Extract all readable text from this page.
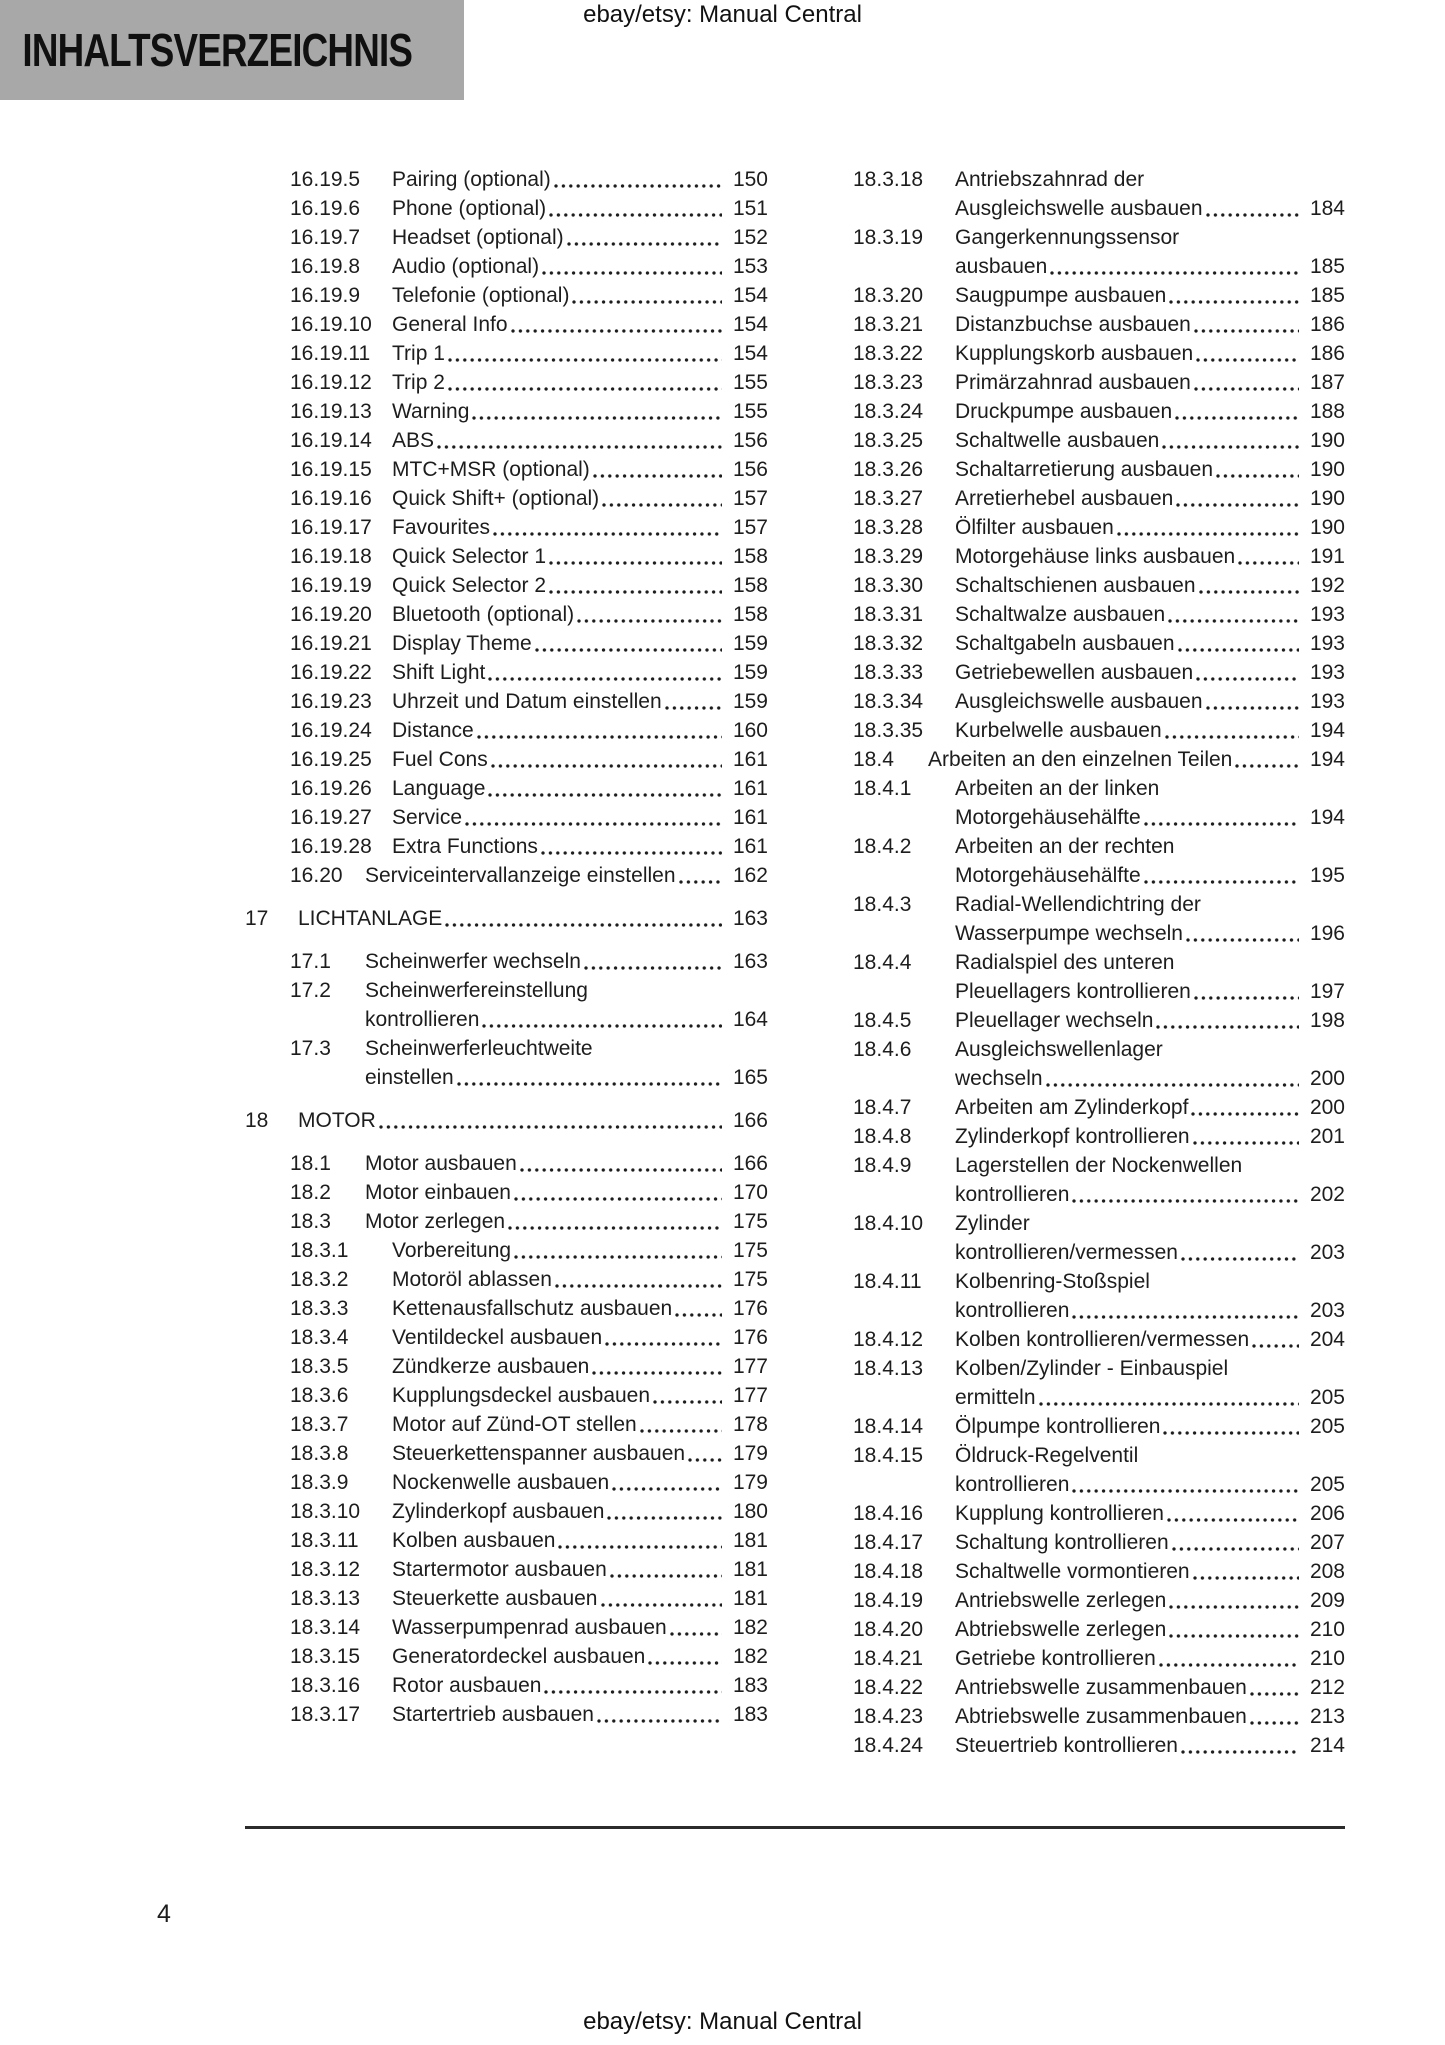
INHALTSVERZEICHNIS
ebay/etsy: Manual Central
16.19.5	Pairing (optional)	150
16.19.6	Phone (optional)	151
16.19.7	Headset (optional)	152
16.19.8	Audio (optional)	153
16.19.9	Telefonie (optional)	154
16.19.10 General Info	154
16.19.11	Trip 1	154
16.19.12 Trip 2	155
16.19.13 Warning	155
16.19.14 ABS	156
16.19.15 MTC+MSR (optional)	156
16.19.16 Quick Shift+ (optional)	157
16.19.17 Favourites	157
16.19.18 Quick Selector 1	158
16.19.19 Quick Selector 2	158
16.19.20 Bluetooth (optional)	158
16.19.21 Display Theme	159
16.19.22 Shift Light	159
16.19.23 Uhrzeit und Datum einstellen	159
16.19.24 Distance	160
16.19.25 Fuel Cons	161
16.19.26 Language	161
16.19.27 Service	161
16.19.28 Extra Functions	161
16.20	Serviceintervallanzeige einstellen	162
17	LICHTANLAGE	163
17.1	Scheinwerfer wechseln	163
17.2	Scheinwerfereinstellung
kontrollieren	164
17.3	Scheinwerferleuchtweite
einstellen	165
18	MOTOR	166
18.1	Motor ausbauen	166
18.2	Motor einbauen	170
18.3	Motor zerlegen	175
18.3.1	Vorbereitung	175
18.3.2	Motoröl ablassen	175
18.3.3	Kettenausfallschutz ausbauen	176
18.3.4	Ventildeckel ausbauen	176
18.3.5	Zündkerze ausbauen	177
18.3.6	Kupplungsdeckel ausbauen	177
18.3.7	Motor auf Zünd-OT stellen	178
18.3.8	Steuerkettenspanner ausbauen 179
18.3.9	Nockenwelle ausbauen	179
18.3.10	Zylinderkopf ausbauen	180
18.3.11	Kolben ausbauen	181
18.3.12	Startermotor ausbauen	181
18.3.13	Steuerkette ausbauen	181
18.3.14	Wasserpumpenrad ausbauen	182
18.3.15	Generatordeckel ausbauen	182
18.3.16	Rotor ausbauen	183
18.3.17	Startertrieb ausbauen	183
18.3.18	Antriebszahnrad der
Ausgleichswelle ausbauen	184
18.3.19	Gangerkennungssensor
ausbauen	185
18.3.20	Saugpumpe ausbauen	185
18.3.21	Distanzbuchse ausbauen	186
18.3.22	Kupplungskorb ausbauen	186
18.3.23	Primärzahnrad ausbauen	187
18.3.24	Druckpumpe ausbauen	188
18.3.25	Schaltwelle ausbauen	190
18.3.26	Schaltarretierung ausbauen	190
18.3.27	Arretierhebel ausbauen	190
18.3.28	Ölfilter ausbauen	190
18.3.29	Motorgehäuse links ausbauen	191
18.3.30	Schaltschienen ausbauen	192
18.3.31	Schaltwalze ausbauen	193
18.3.32	Schaltgabeln ausbauen	193
18.3.33	Getriebewellen ausbauen	193
18.3.34	Ausgleichswelle ausbauen	193
18.3.35	Kurbelwelle ausbauen	194
18.4	Arbeiten an den einzelnen Teilen	194
18.4.1	Arbeiten an der linken
Motorgehäusehälfte	194
18.4.2	Arbeiten an der rechten
Motorgehäusehälfte	195
18.4.3	Radial-Wellendichtring der
Wasserpumpe wechseln	196
18.4.4	Radialspiel des unteren
Pleuellagers kontrollieren	197
18.4.5	Pleuellager wechseln	198
18.4.6	Ausgleichswellenlager
wechseln	200
18.4.7	Arbeiten am Zylinderkopf	200
18.4.8	Zylinderkopf kontrollieren	201
18.4.9	Lagerstellen der Nockenwellen
kontrollieren	202
18.4.10	Zylinder
kontrollieren/vermessen	203
18.4.11	Kolbenring-Stoßspiel
kontrollieren	203
18.4.12	Kolben kontrollieren/vermessen	204
18.4.13	Kolben/Zylinder - Einbauspiel
ermitteln	205
18.4.14	Ölpumpe kontrollieren	205
18.4.15	Öldruck-Regelventil
kontrollieren	205
18.4.16	Kupplung kontrollieren	206
18.4.17	Schaltung kontrollieren	207
18.4.18	Schaltwelle vormontieren	208
18.4.19	Antriebswelle zerlegen	209
18.4.20	Abtriebswelle zerlegen	210
18.4.21	Getriebe kontrollieren	210
18.4.22	Antriebswelle zusammenbauen	212
18.4.23	Abtriebswelle zusammenbauen	213
18.4.24	Steuertrieb kontrollieren	214
4
ebay/etsy: Manual Central
